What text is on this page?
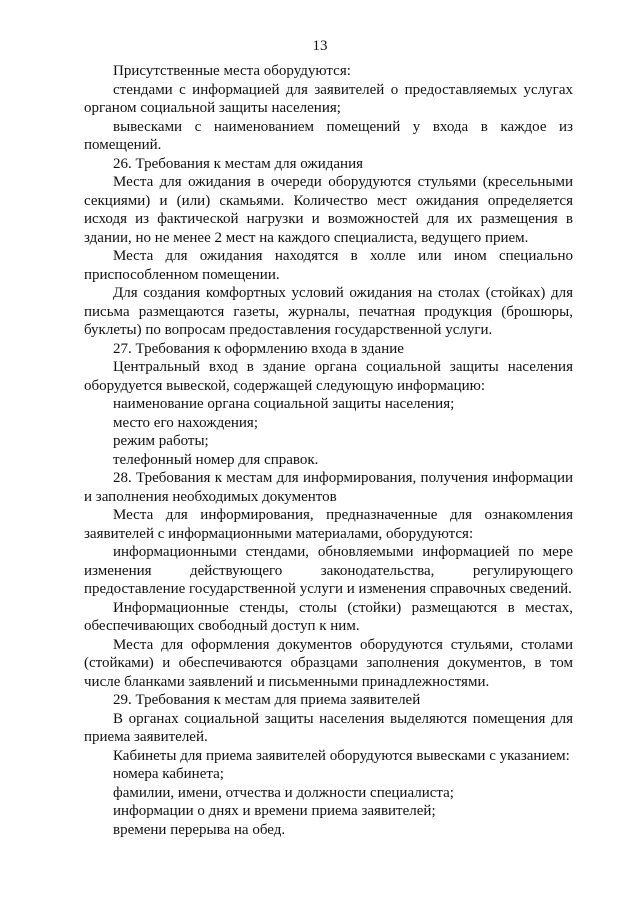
13

Присутственные места оборудуются:

стендами с информацией для заявителей о предоставляемых услугах органом социальной защиты населения;

вывесками с наименованием помещений у входа в каждое из помещений.

26. Требования к местам для ожидания

Места для ожидания в очереди оборудуются стульями (кресельными секциями) и (или) скамьями. Количество мест ожидания определяется исходя из фактической нагрузки и возможностей для их размещения в здании, но не менее 2 мест на каждого специалиста, ведущего прием.

Места для ожидания находятся в холле или ином специально приспособленном помещении.

Для создания комфортных условий ожидания на столах (стойках) для письма размещаются газеты, журналы, печатная продукция (брошюры, буклеты) по вопросам предоставления государственной услуги.

27. Требования к оформлению входа в здание

Центральный вход в здание органа социальной защиты населения оборудуется вывеской, содержащей следующую информацию:

наименование органа социальной защиты населения;

место его нахождения;

режим работы;

телефонный номер для справок.

28. Требования к местам для информирования, получения информации и заполнения необходимых документов

Места для информирования, предназначенные для ознакомления заявителей с информационными материалами, оборудуются:

информационными стендами, обновляемыми информацией по мере изменения действующего законодательства, регулирующего предоставление государственной услуги и изменения справочных сведений.

Информационные стенды, столы (стойки) размещаются в местах, обеспечивающих свободный доступ к ним.

Места для оформления документов оборудуются стульями, столами (стойками) и обеспечиваются образцами заполнения документов, в том числе бланками заявлений и письменными принадлежностями.

29. Требования к местам для приема заявителей

В органах социальной защиты населения выделяются помещения для приема заявителей.

Кабинеты для приема заявителей оборудуются вывесками с указанием:

номера кабинета;

фамилии, имени, отчества и должности специалиста;

информации о днях и времени приема заявителей;

времени перерыва на обед.
